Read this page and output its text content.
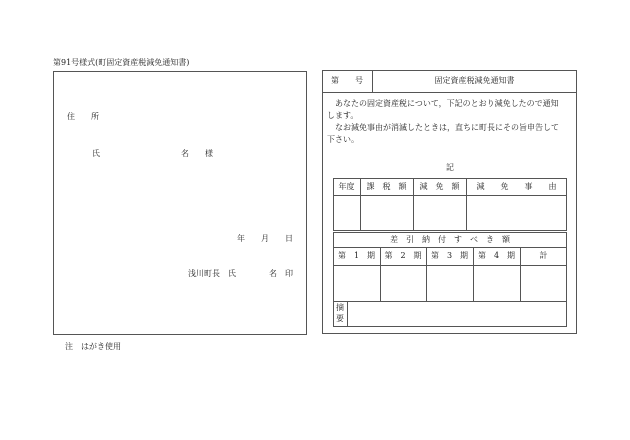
第91号様式(町固定資産税減免通知書)
住　　所
氏	名　　様
年　　月　　日
浅川町長　氏	名　印
注　はがき使用
第　　号	固定資産税減免通知書
　あなたの固定資産税について，下記のとおり減免したので通知
します。
　なお減免事由が消滅したときは，直ちに町長にその旨申告して
下さい。
記
年度	課　税　額	減　免　額	減　　免　　事　　由
差　引　納　付　す　べ　き　額
第　1　期	第　2　期	第　3　期	第　4　期	計
摘
要
